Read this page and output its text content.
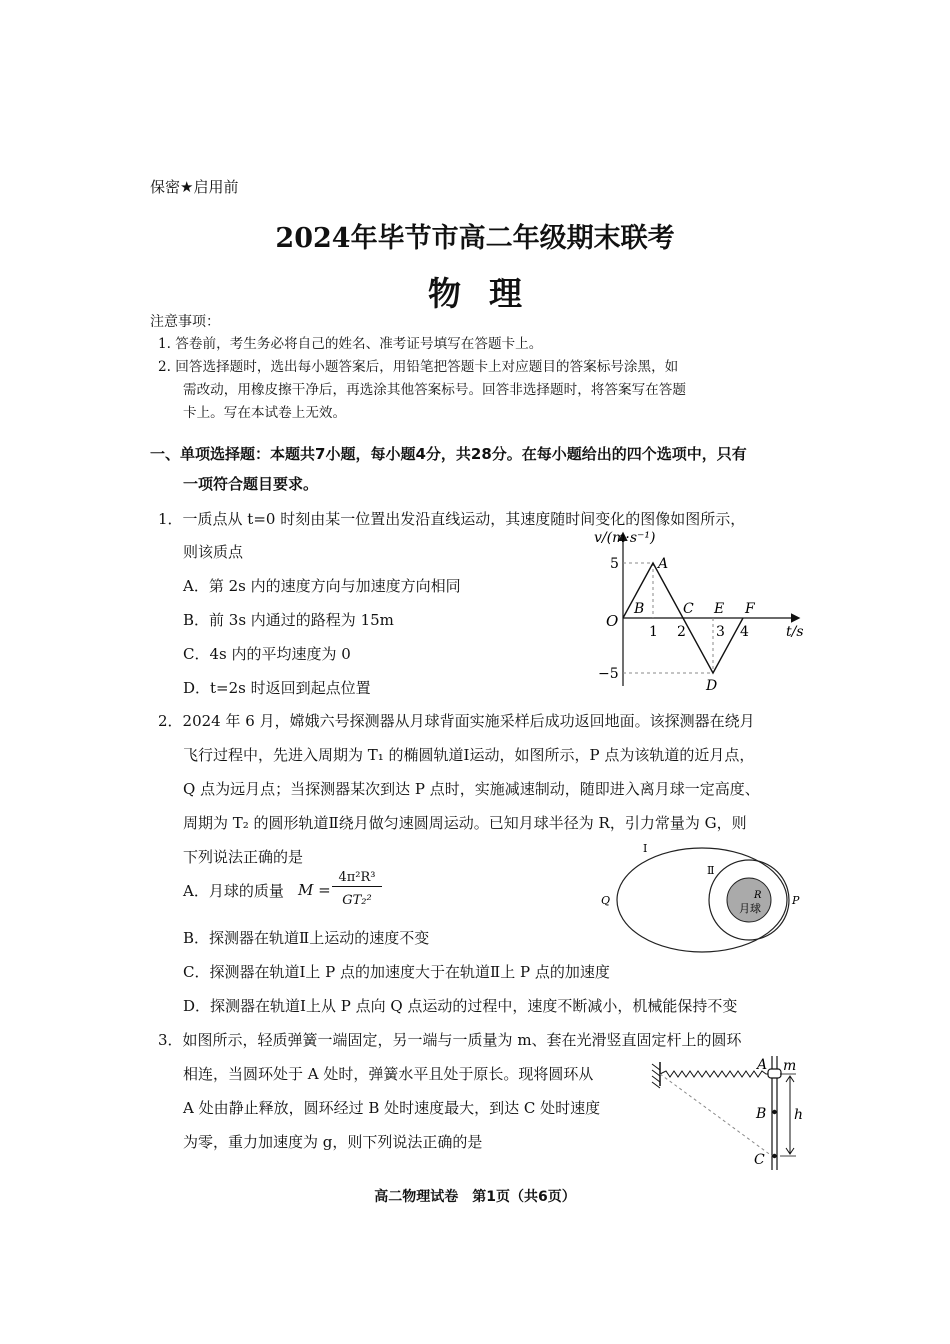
保密★启用前
2024年毕节市高二年级期末联考
物理
注意事项：
1. 答卷前，考生务必将自己的姓名、准考证号填写在答题卡上。
2. 回答选择题时，选出每小题答案后，用铅笔把答题卡上对应题目的答案标号涂黑，如
需改动，用橡皮擦干净后，再选涂其他答案标号。回答非选择题时，将答案写在答题
卡上。写在本试卷上无效。
一、单项选择题：本题共7小题，每小题4分，共28分。在每小题给出的四个选项中，只有
一项符合题目要求。
1．一质点从 t=0 时刻由某一位置出发沿直线运动，其速度随时间变化的图像如图所示，
则该质点
A．第 2s 内的速度方向与加速度方向相同
B．前 3s 内通过的路程为 15m
C．4s 内的平均速度为 0
D．t=2s 时返回到起点位置
v/(m·s⁻¹)
t/s
O
5
−5
1 2 3 4
A
B	C E F
D
2．2024 年 6 月，嫦娥六号探测器从月球背面实施采样后成功返回地面。该探测器在绕月
飞行过程中，先进入周期为 T₁ 的椭圆轨道Ⅰ运动，如图所示，P 点为该轨道的近月点，
Q 点为远月点；当探测器某次到达 P 点时，实施减速制动，随即进入离月球一定高度、
周期为 T₂ 的圆形轨道Ⅱ绕月做匀速圆周运动。已知月球半径为 R，引力常量为 G，则
下列说法正确的是
A．月球的质量 M =
4π²R³
GT₂²
B．探测器在轨道Ⅱ上运动的速度不变
C．探测器在轨道Ⅰ上 P 点的加速度大于在轨道Ⅱ上 P 点的加速度
D．探测器在轨道Ⅰ上从 P 点向 Q 点运动的过程中，速度不断减小，机械能保持不变
Ⅰ
Ⅱ
Q	P
R
月球
3．如图所示，轻质弹簧一端固定，另一端与一质量为 m、套在光滑竖直固定杆上的圆环
相连，当圆环处于 A 处时，弹簧水平且处于原长。现将圆环从
A 处由静止释放，圆环经过 B 处时速度最大，到达 C 处时速度
为零，重力加速度为 g，则下列说法正确的是
A
B
C
m
h
高二物理试卷　第1页（共6页）
